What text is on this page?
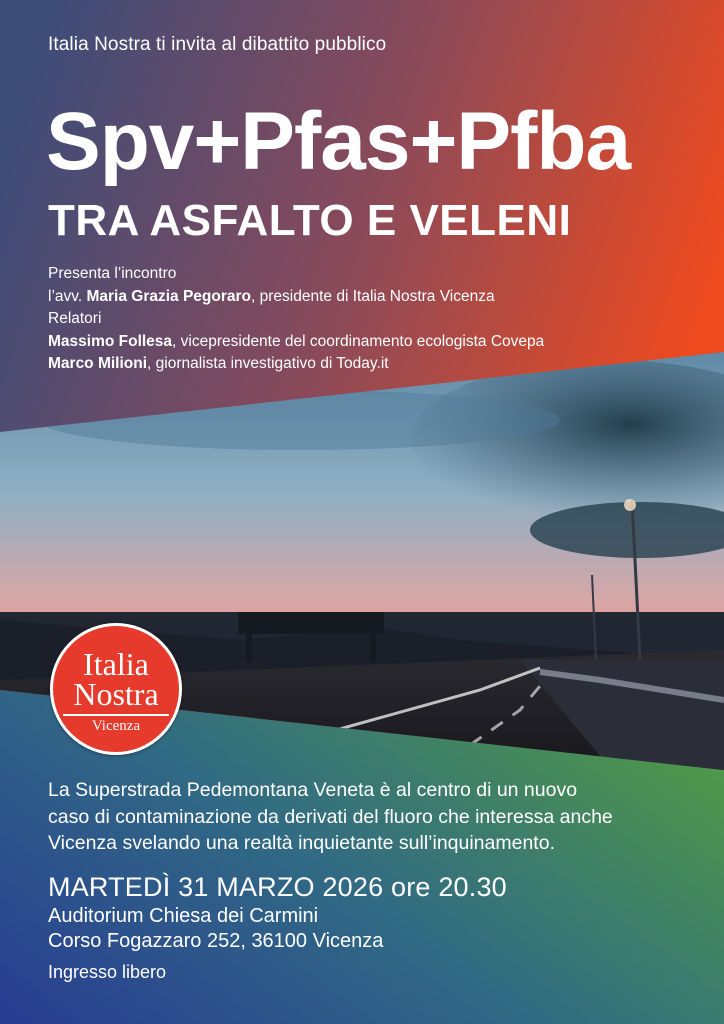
Italia Nostra ti invita al dibattito pubblico
Spv+Pfas+Pfba
TRA ASFALTO E VELENI
Presenta l’incontro
l’avv. Maria Grazia Pegoraro, presidente di Italia Nostra Vicenza
Relatori
Massimo Follesa, vicepresidente del coordinamento ecologista Covepa
Marco Milioni, giornalista investigativo di Today.it
Italia
Nostra
Vicenza
La Superstrada Pedemontana Veneta è al centro di un nuovo
caso di contaminazione da derivati del fluoro che interessa anche
Vicenza svelando una realtà inquietante sull’inquinamento.
MARTEDÌ 31 MARZO 2026 ore 20.30
Auditorium Chiesa dei Carmini
Corso Fogazzaro 252, 36100 Vicenza
Ingresso libero
